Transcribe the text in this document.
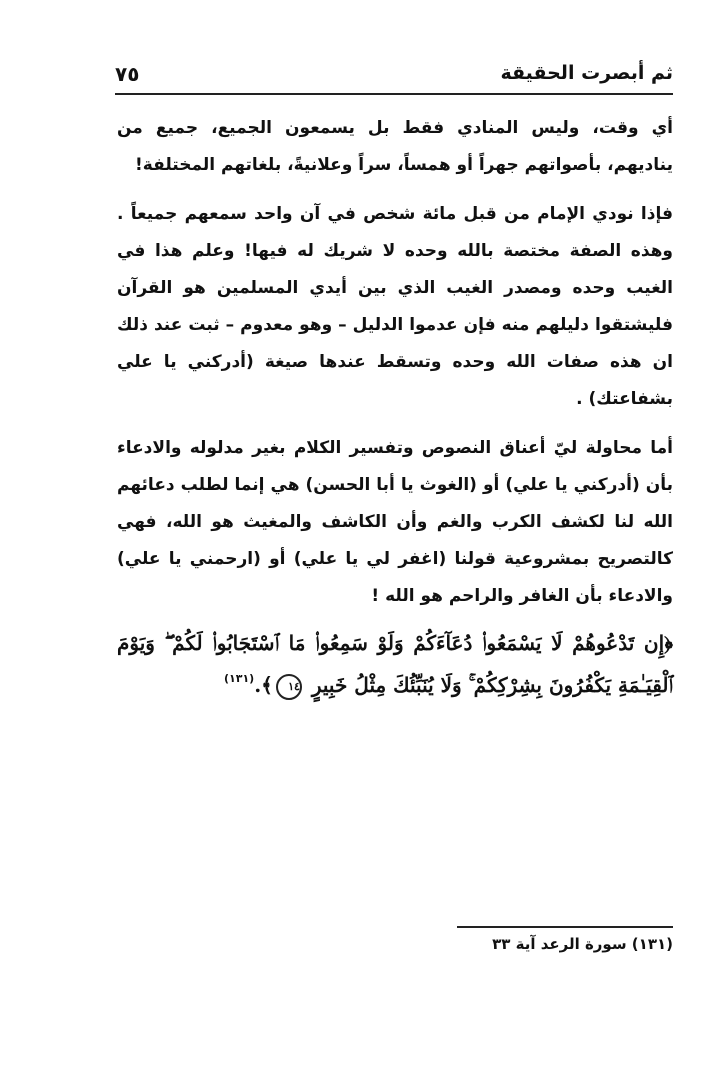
ثم أبصرت الحقيقة
٧٥

أي وقت، وليس المنادي فقط بل يسمعون الجميع، جميع من يناديهم، بأصواتهم جهراً أو همساً، سراً وعلانيةً، بلغاتهم المختلفة!

فإذا نودي الإمام من قبل مائة شخص في آن واحد سمعهم جميعاً . وهذه الصفة مختصة بالله وحده لا شريك له فيها! وعلم هذا في الغيب وحده ومصدر الغيب الذي بين أيدي المسلمين هو القرآن فليشتقوا دليلهم منه فإن عدموا الدليل – وهو معدوم – ثبت عند ذلك ان هذه صفات الله وحده وتسقط عندها صيغة (أدركني يا علي بشفاعتك) .

أما محاولة ليّ أعناق النصوص وتفسير الكلام بغير مدلوله والادعاء بأن (أدركني يا علي) أو (الغوث يا أبا الحسن) هي إنما لطلب دعائهم الله لنا لكشف الكرب والغم وأن الكاشف والمغيث هو الله، فهي كالتصريح بمشروعية قولنا (اغفر لي يا علي) أو (ارحمني يا علي) والادعاء بأن الغافر والراحم هو الله !

﴿إِن تَدْعُوهُمْ لَا يَسْمَعُوا۟ دُعَآءَكُمْ وَلَوْ سَمِعُوا۟ مَا ٱسْتَجَابُوا۟ لَكُمْ ۖ وَيَوْمَ ٱلْقِيَـٰمَةِ يَكْفُرُونَ بِشِرْكِكُمْ ۚ وَلَا يُنَبِّئُكَ مِثْلُ خَبِيرٍ ١٤﴾.$^{(١٣١)}$

(١٣١) سورة الرعد آية ٣٣
